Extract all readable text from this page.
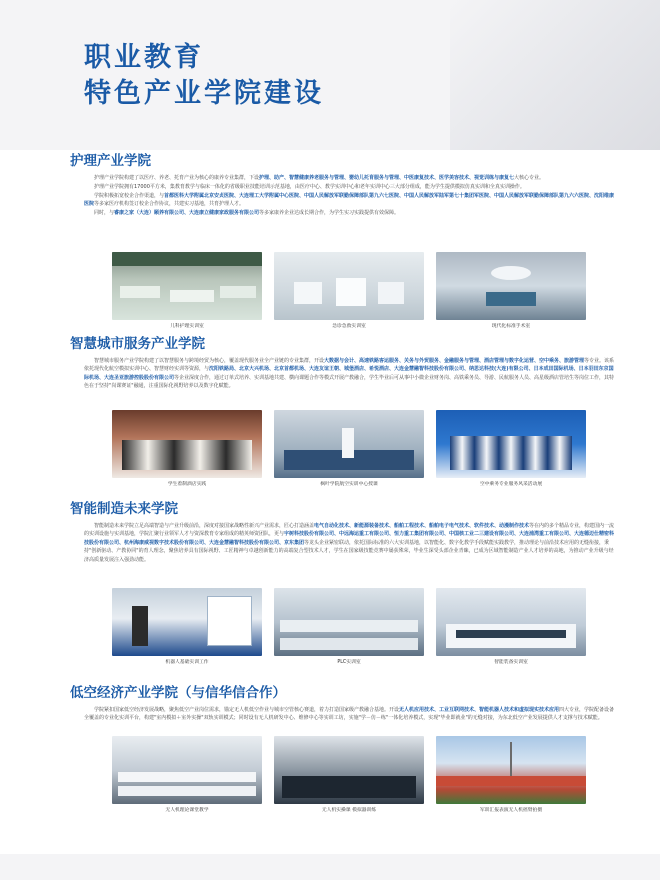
职业教育
特色产业学院建设
护理产业学院

护理产业学院构建了以医疗、养老、托育产业为核心的康养专业集群，下设护理、助产、智慧健康养老服务与管理、婴幼儿托育服务与管理、中医康复技术、医学美容技术、视觉训练与康复七大核心专业。

护理产业学院拥有17000平方米，集教育教学与临床一体化的省级职业技能培训示范基地，由医疗中心、教学实训中心和老年实训中心三大部分组成，能为学生提供模拟仿真实训和全真实训操作。

学院积极拓宽校企合作渠道，与首都医科大学附属北京安贞医院、大连理工大学附属中心医院、中国人民解放军联勤保障部队第九六七医院、中国人民解放军陆军第七十集团军医院、中国人民解放军联勤保障部队第九六六医院、沈阳维康医院等多家医疗机构签订校企合作协议，共建实习基地，共育护理人才。

同时，与睿康之家（大连）颐养有限公司、大连康立健康家政服务有限公司等多家康养企业达成长期合作，为学生实习实践提供有效保障。

儿科护理实训室	急诊急救实训室	现代化标准手术室
智慧城市服务产业学院

智慧城市服务产业学院构建了以智慧服务与跨境经贸为核心，覆盖现代服务业全产业链的专业集群，开设大数据与会计、高速铁路客运服务、关务与外贸服务、金融服务与管理、酒店管理与数字化运营、空中乘务、旅游管理等专业。该系依托现代化航空模拟实训中心、智慧财经实训等资源，与沈阳铁路局、北京大兴机场、北京首都机场、大连友谊王朝、城堡酒店、希悦酒店、大连金慧融智科技股份有限公司、纳思达科技(大连)有限公司、日本成田国际机场、日本羽田东京国际机场、大连圣亚旅游控股股份有限公司等企业深度合作，通过订单式培养、实训基地共建、横向课题合作等模式开展产教融合，学生毕业后可从事中小微企业财务岗、高铁乘务员、导游、民航服务人员、高星级酒店管培生等岗位工作，其特色在于坚持"岗课赛证"融通，注重国际化视野培养以及数字化赋能。

学生着制酒店实践	枫叶学院航空实训中心授课	空中乘务专业服务风采活动展
智能制造未来学院

智能制造未来学院立足高端智造与产业升级前沿，深度对接国家战略性新兴产业需求，匠心打造涵盖电气自动化技术、新能源装备技术、船舶工程技术、船舶电子电气技术、软件技术、动漫制作技术等在内的多个精品专业，构建国内一流的实训设施与实训基地，学院汇聚行业领军人才与资深教育专家组成的精英师资团队，更与宇树科技股份有限公司、中远海运重工有限公司、恒力重工集团有限公司、中国核工业二三建设有限公司、大连浦湾重工有限公司、大连德迈仕精密科技股份有限公司、杭州海康威视数字技术股份有限公司、大连金慧融智科技股份有限公司、京东集团等龙头企业紧密联动，依托国际标准的六大实训基地，以智能化、数字化教学手段赋能实践教学，推动理论与前沿技术应用的无缝衔接，秉持"创新驱动、产教协同"的育人理念，聚焦培养具有国际视野、工匠精神与卓越创新能力的高端复合型技术人才，学生在国家级技能竞赛中屡获殊荣，毕业生深受头部企业青睐，已成为区域智能制造产业人才培养的高地，为推动产业升级与经济高质量发展注入强劲动能。

机器人基础实训工作	PLC实训室	智能装备实训室
低空经济产业学院（与信华信合作）

学院紧扣国家低空经济发展战略，聚焦低空产业岗位需求，锚定无人机低空作业与城市空管核心赛道，着力打造国家级产教融合基地。开设无人机应用技术、工业互联网技术、智能机器人技术和虚拟现实技术应用四大专业，学院配备设备全覆盖的专业化实训平台，构建"室内模拟＋室外实操"双轨实训模式；同时设有无人机研发中心、维修中心等实训工坊，实施"学－仿－练"一体化培养模式，实现"毕业即就业"的无缝对接，为东北低空产业发展提供人才支撑与技术赋能。

无人机理论课堂教学	无人机实操课 模拟器训练	军训汇报表演无人机摇臂拍摄
